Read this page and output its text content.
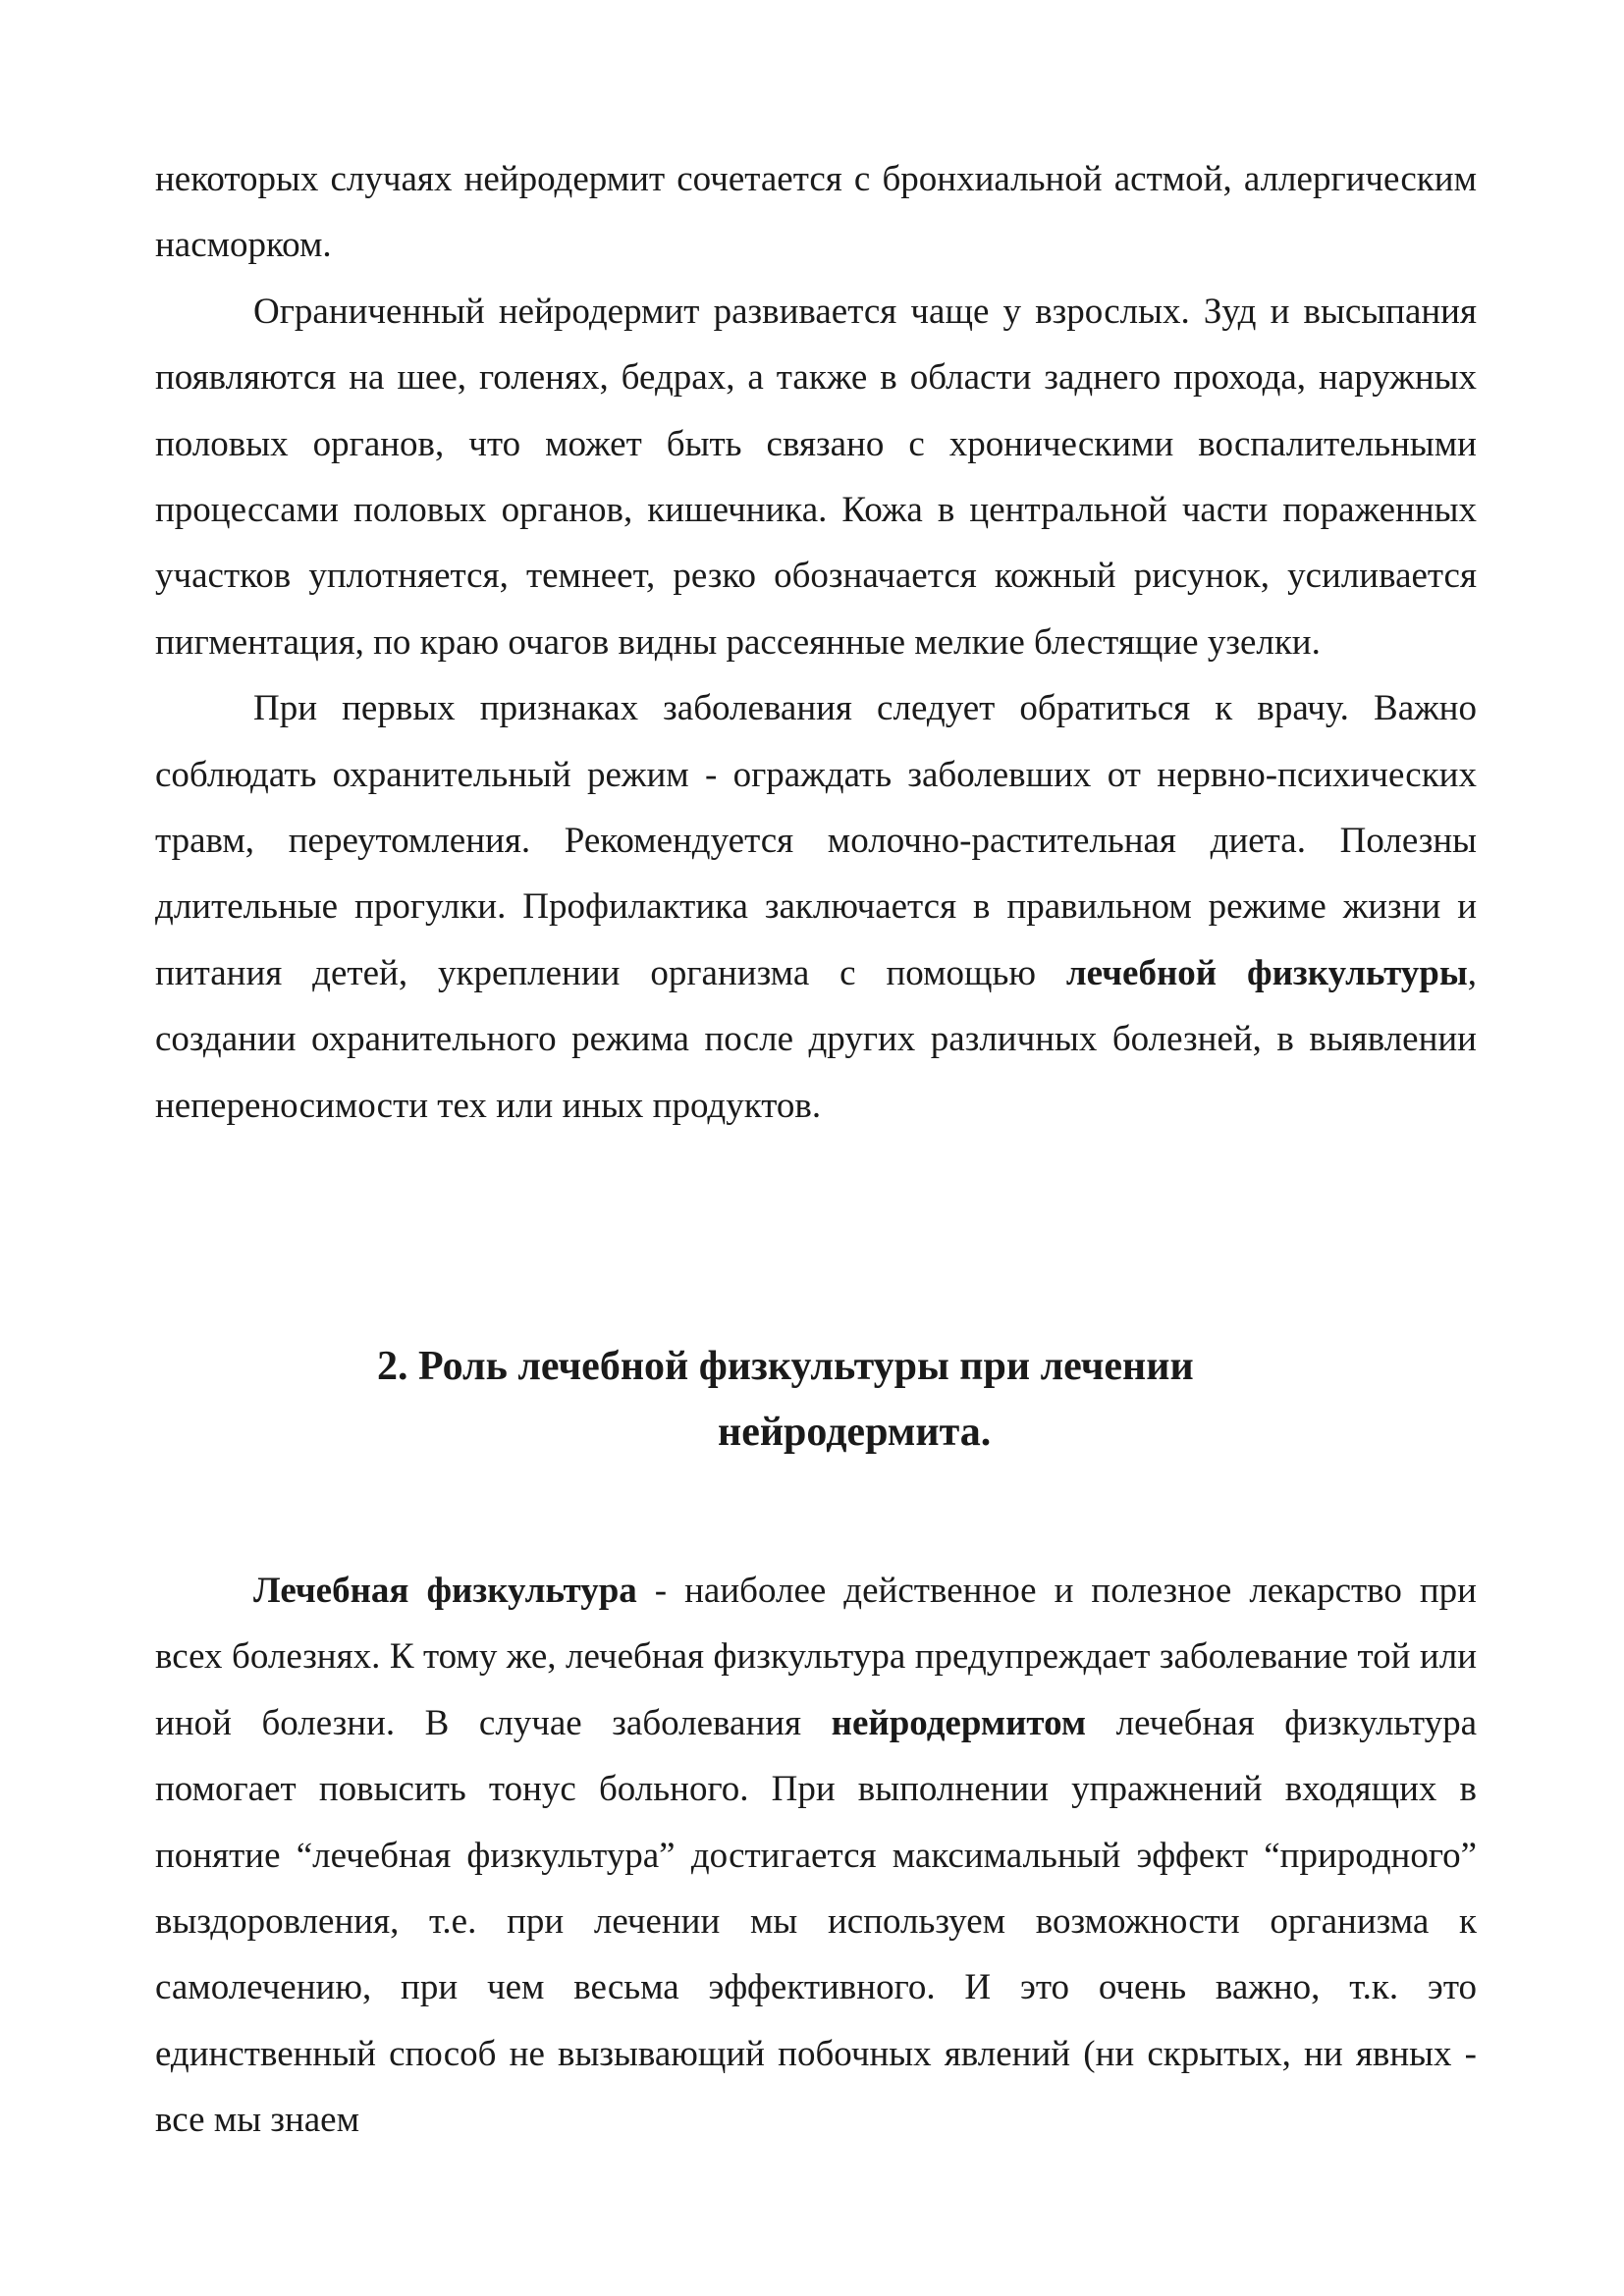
некоторых случаях нейродермит сочетается с бронхиальной астмой, аллергическим насморком.

Ограниченный нейродермит развивается чаще у взрослых. Зуд и высыпания появляются на шее, голенях, бедрах, а также в области заднего прохода, наружных половых органов, что может быть связано с хроническими воспалительными процессами половых органов, кишечника. Кожа в центральной части пораженных участков уплотняется, темнеет, резко обозначается кожный рисунок, усиливается пигментация, по краю очагов видны рассеянные мелкие блестящие узелки.

При первых признаках заболевания следует обратиться к врачу. Важно соблюдать охранительный режим - ограждать заболевших от нервно-психических травм, переутомления. Рекомендуется молочно-растительная диета. Полезны длительные прогулки. Профилактика заключается в правильном режиме жизни и питания детей, укреплении организма с помощью лечебной физкультуры, создании охранительного режима после других различных болезней, в выявлении непереносимости тех или иных продуктов.

2. Роль лечебной физкультуры при лечении
нейродермита.

Лечебная физкультура - наиболее действенное и полезное лекарство при всех болезнях. К тому же, лечебная физкультура предупреждает заболевание той или иной болезни. В случае заболевания нейродермитом лечебная физкультура помогает повысить тонус больного. При выполнении упражнений входящих в понятие “лечебная физкультура” достигается максимальный эффект “природного” выздоровления, т.е. при лечении мы используем возможности организма к самолечению, при чем весьма эффективного. И это очень важно, т.к. это единственный способ не вызывающий побочных явлений (ни скрытых, ни явных - все мы знаем
